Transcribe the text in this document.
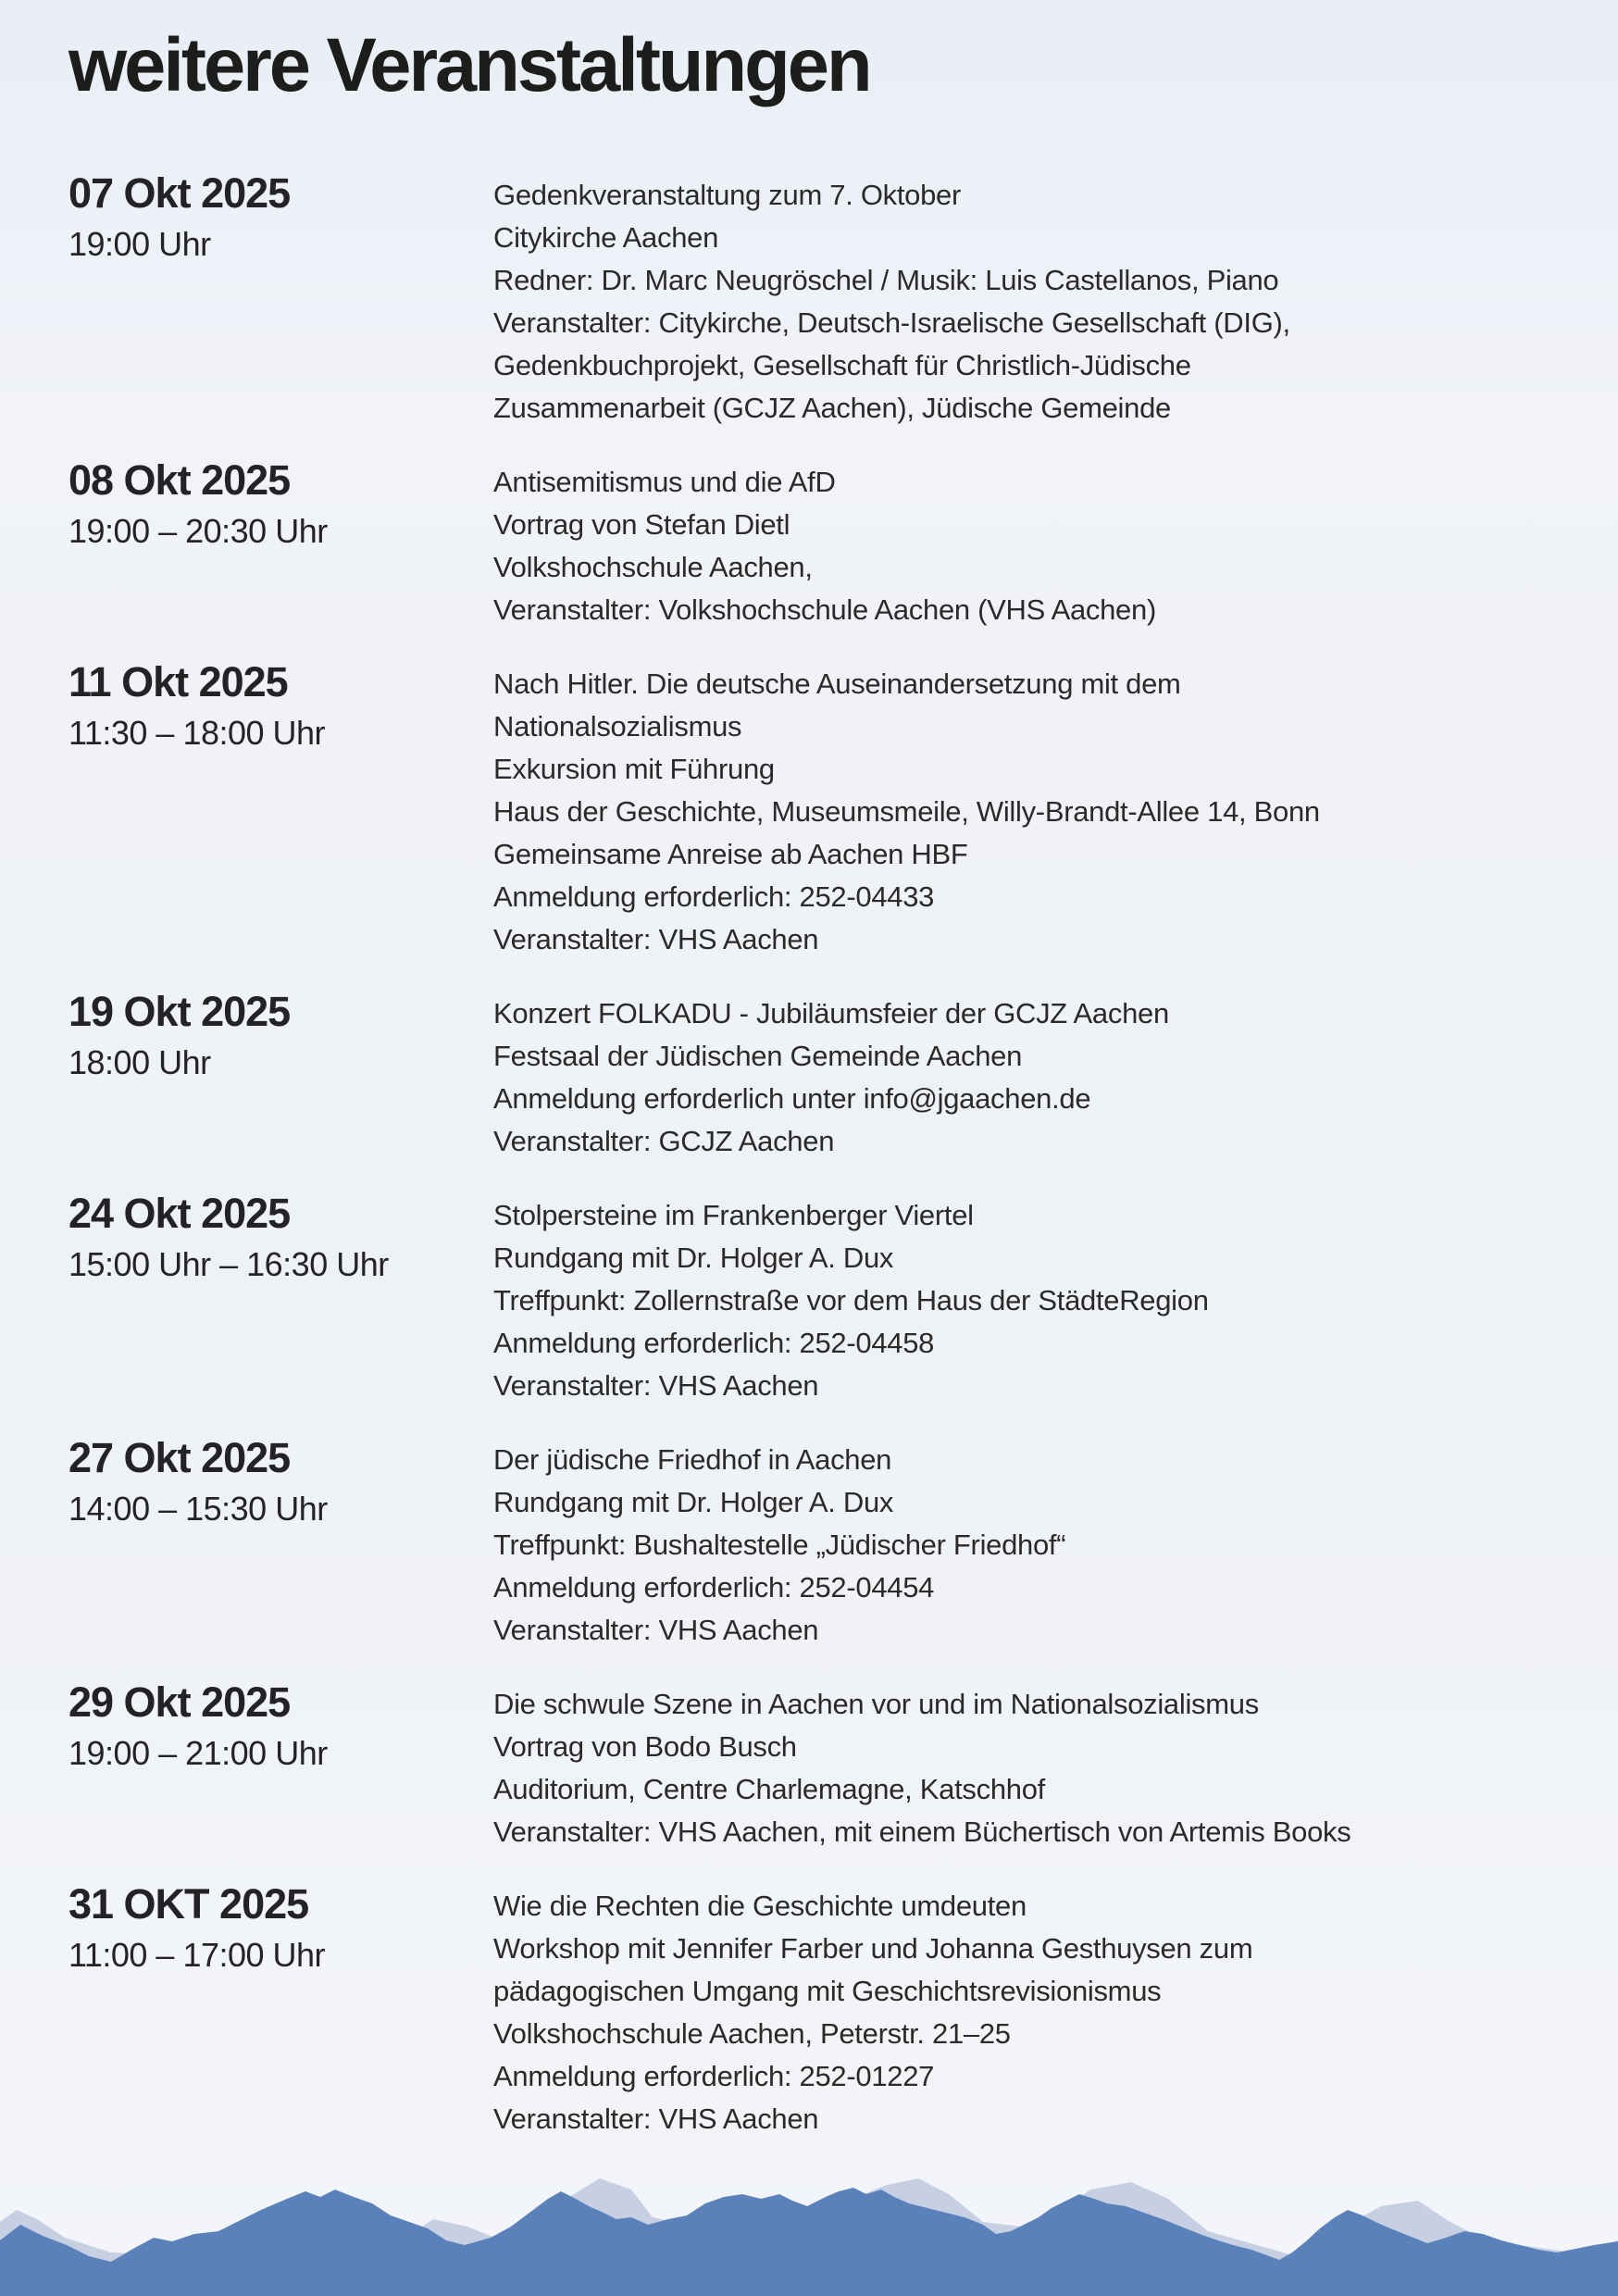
weitere Veranstaltungen
07 Okt 2025
19:00 Uhr

Gedenkveranstaltung zum 7. Oktober

Citykirche Aachen

Redner: Dr. Marc Neugröschel / Musik: Luis Castellanos, Piano

Veranstalter: Citykirche, Deutsch-Israelische Gesellschaft (DIG),

Gedenkbuchprojekt, Gesellschaft für Christlich-Jüdische

Zusammenarbeit (GCJZ Aachen), Jüdische Gemeinde

08 Okt 2025
19:00 – 20:30 Uhr

Antisemitismus und die AfD

Vortrag von Stefan Dietl

Volkshochschule Aachen,

Veranstalter: Volkshochschule Aachen (VHS Aachen)

11 Okt 2025
11:30 – 18:00 Uhr

Nach Hitler. Die deutsche Auseinandersetzung mit dem

Nationalsozialismus

Exkursion mit Führung

Haus der Geschichte, Museumsmeile, Willy-Brandt-Allee 14, Bonn

Gemeinsame Anreise ab Aachen HBF

Anmeldung erforderlich: 252-04433

Veranstalter: VHS Aachen

19 Okt 2025
18:00 Uhr

Konzert FOLKADU - Jubiläumsfeier der GCJZ Aachen

Festsaal der Jüdischen Gemeinde Aachen

Anmeldung erforderlich unter info@jgaachen.de

Veranstalter: GCJZ Aachen

24 Okt 2025
15:00 Uhr – 16:30 Uhr

Stolpersteine im Frankenberger Viertel

Rundgang mit Dr. Holger A. Dux

Treffpunkt: Zollernstraße vor dem Haus der StädteRegion

Anmeldung erforderlich: 252-04458

Veranstalter: VHS Aachen

27 Okt 2025
14:00 – 15:30 Uhr

Der jüdische Friedhof in Aachen

Rundgang mit Dr. Holger A. Dux

Treffpunkt: Bushaltestelle „Jüdischer Friedhof“

Anmeldung erforderlich: 252-04454

Veranstalter: VHS Aachen

29 Okt 2025
19:00 – 21:00 Uhr

Die schwule Szene in Aachen vor und im Nationalsozialismus

Vortrag von Bodo Busch

Auditorium, Centre Charlemagne, Katschhof

Veranstalter: VHS Aachen, mit einem Büchertisch von Artemis Books

31 OKT 2025
11:00 – 17:00 Uhr

Wie die Rechten die Geschichte umdeuten

Workshop mit Jennifer Farber und Johanna Gesthuysen zum

pädagogischen Umgang mit Geschichtsrevisionismus

Volkshochschule Aachen, Peterstr. 21–25

Anmeldung erforderlich: 252-01227

Veranstalter: VHS Aachen
